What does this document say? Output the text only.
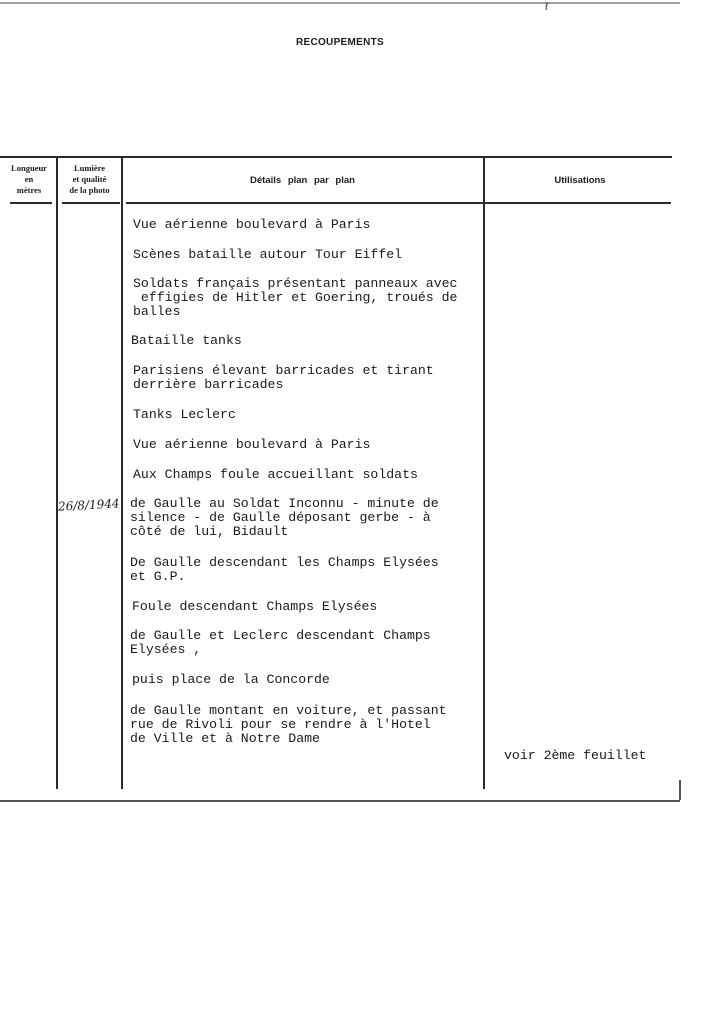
ř
RECOUPEMENTS
Longueur
en
mètres
Lumière
et qualité
de la photo
Détails plan par plan	Utilisations
26/8/1944
Vue aérienne boulevard à Paris
Scènes bataille autour Tour Eiffel
Soldats français présentant panneaux avec
effigies de Hitler et Goering, troués de
balles
Bataille tanks
Parisiens élevant barricades et tirant
derrière barricades
Tanks Leclerc
Vue aérienne boulevard à Paris
Aux Champs foule accueillant soldats
de Gaulle au Soldat Inconnu - minute de
silence - de Gaulle déposant gerbe - à
côté de lui, Bidault
De Gaulle descendant les Champs Elysées
et G.P.
Foule descendant Champs Elysées
de Gaulle et Leclerc descendant Champs
Elysées ,
puis place de la Concorde
de Gaulle montant en voiture, et passant
rue de Rivoli pour se rendre à l'Hotel
de Ville et à Notre Dame
voir 2ème feuillet
